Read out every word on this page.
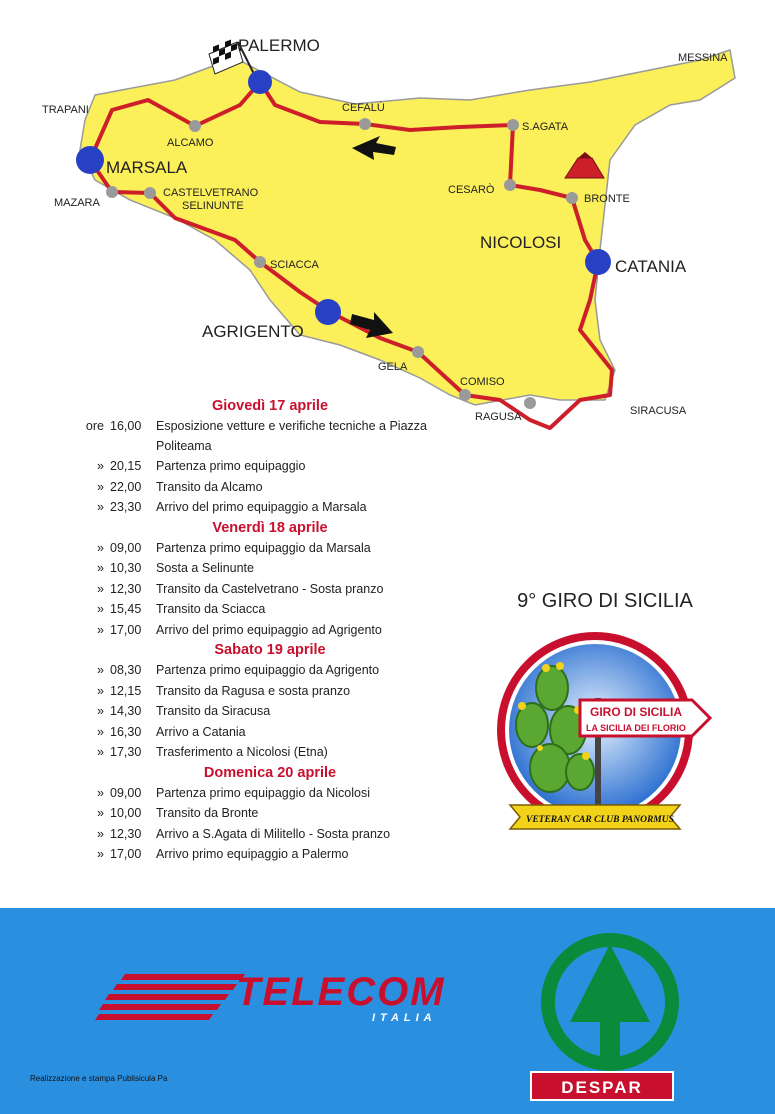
PALERMO
MESSINA
TRAPANI	CEFALÙ
ALCAMO
S.AGATA
MARSALA
MAZARA
CASTELVETRANO
SELINUNTE
CESARÒ
BRONTE
NICOLOSI
CATANIA
SCIACCA
AGRIGENTO
GELA
COMISO
RAGUSA	SIRACUSA
Giovedì 17 aprile
ore 16,00	Esposizione vetture e verifiche tecniche a Piazza Politeama
» 20,15	Partenza primo equipaggio
» 22,00	Transito da Alcamo
» 23,30	Arrivo del primo equipaggio a Marsala
Venerdì 18 aprile
» 09,00	Partenza primo equipaggio da Marsala
» 10,30	Sosta a Selinunte
» 12,30	Transito da Castelvetrano - Sosta pranzo
» 15,45	Transito da Sciacca
» 17,00	Arrivo del primo equipaggio ad Agrigento
Sabato 19 aprile
» 08,30	Partenza primo equipaggio da Agrigento
» 12,15	Transito da Ragusa e sosta pranzo
» 14,30	Transito da Siracusa
» 16,30	Arrivo a Catania
» 17,30	Trasferimento a Nicolosi (Etna)
Domenica 20 aprile
» 09,00	Partenza primo equipaggio da Nicolosi
» 10,00	Transito da Bronte
» 12,30	Arrivo a S.Agata di Militello - Sosta pranzo
» 17,00	Arrivo primo equipaggio a Palermo
9° GIRO DI SICILIA
GIRO DI SICILIA
LA SICILIA DEI FLORIO
VETERAN CAR CLUB PANORMUS
TELECOM
ITALIA
Realizzazione e stampa Publisicula Pa	DESPAR
